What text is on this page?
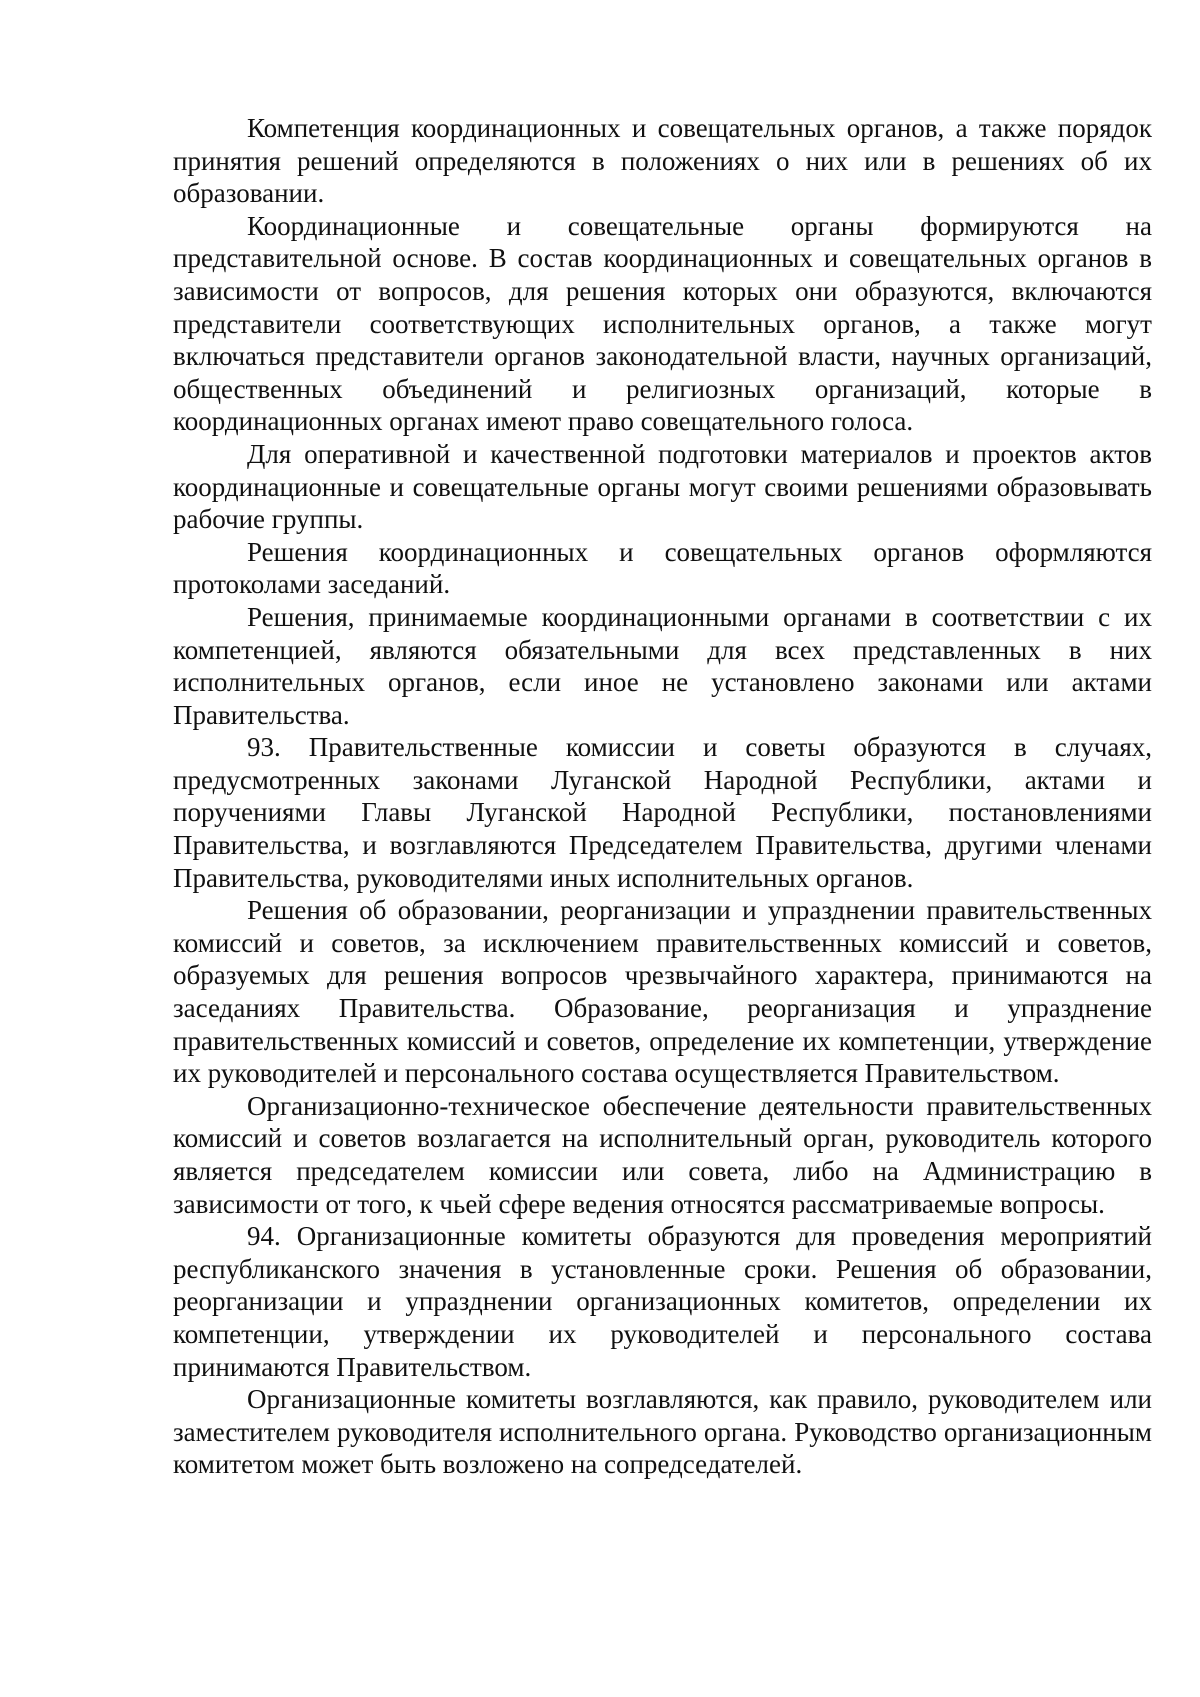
Компетенция координационных и совещательных органов, а также порядок принятия решений определяются в положениях о них или в решениях об их образовании.

Координационные и совещательные органы формируются на представительной основе. В состав координационных и совещательных органов в зависимости от вопросов, для решения которых они образуются, включаются представители соответствующих исполнительных органов, а также могут включаться представители органов законодательной власти, научных организаций, общественных объединений и религиозных организаций, которые в координационных органах имеют право совещательного голоса.

Для оперативной и качественной подготовки материалов и проектов актов координационные и совещательные органы могут своими решениями образовывать рабочие группы.

Решения координационных и совещательных органов оформляются протоколами заседаний.

Решения, принимаемые координационными органами в соответствии с их компетенцией, являются обязательными для всех представленных в них исполнительных органов, если иное не установлено законами или актами Правительства.

93. Правительственные комиссии и советы образуются в случаях, предусмотренных законами Луганской Народной Республики, актами и поручениями Главы Луганской Народной Республики, постановлениями Правительства, и возглавляются Председателем Правительства, другими членами Правительства, руководителями иных исполнительных органов.

Решения об образовании, реорганизации и упразднении правительственных комиссий и советов, за исключением правительственных комиссий и советов, образуемых для решения вопросов чрезвычайного характера, принимаются на заседаниях Правительства. Образование, реорганизация и упразднение правительственных комиссий и советов, определение их компетенции, утверждение их руководителей и персонального состава осуществляется Правительством.

Организационно-техническое обеспечение деятельности правительственных комиссий и советов возлагается на исполнительный орган, руководитель которого является председателем комиссии или совета, либо на Администрацию в зависимости от того, к чьей сфере ведения относятся рассматриваемые вопросы.

94. Организационные комитеты образуются для проведения мероприятий республиканского значения в установленные сроки. Решения об образовании, реорганизации и упразднении организационных комитетов, определении их компетенции, утверждении их руководителей и персонального состава принимаются Правительством.

Организационные комитеты возглавляются, как правило, руководителем или заместителем руководителя исполнительного органа. Руководство организационным комитетом может быть возложено на сопредседателей.
